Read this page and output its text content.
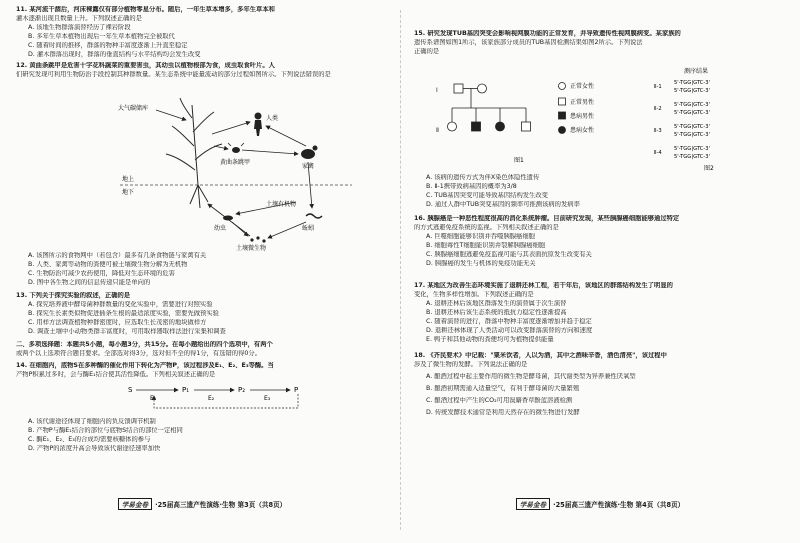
11. 某河流干涸后，河床裸露仅有部分植物零星分布。随后，一年生草本增多，多年生草本和
灌木逐渐出现且数量上升。下列叙述正确的是
A. 该地生物群落演替经历了裸岩阶段
B. 多年生草本植物出现后一年生草本植物完全被取代
C. 随着时间的推移，群落的物种丰富度逐渐上升直至稳定
D. 灌木群落出现时，群落的垂直结构与水平结构均会发生改变
12. 黄曲条跳甲是危害十字花科蔬菜的重要害虫，其幼虫以植物根部为食，成虫取食叶片。人
们研究发现可利用生物防治手段控制其种群数量。某生态系统中能量流动的部分过程如图所示。下列说法错误的是
地上
地下
大气碳储库
人类
黄曲条跳甲
家禽
土壤有机物
幼虫	蚯蚓
土壤微生物
A. 该图所示的食物网中（若包含）最多有几条食物链与家禽有关
B. 人类、家禽等动物的粪便可被土壤微生物分解为无机物
C. 生物防治可减少农药使用，降低对生态环境的危害
D. 图中各生物之间的信息传递只能是单向的
13. 下列关于探究实验的叙述，正确的是
A. 探究培养液中酵母菌种群数量的变化实验中，需要进行对照实验
B. 探究生长素类似物促进插条生根的最适浓度实验，需要先做预实验
C. 用样方法调查植物种群密度时，应选取生长茂密的地块做样方
D. 调查土壤中小动物类群丰富度时，可用取样器取样法进行采集和调查
二、多项选择题：本题共5小题，每小题3分，共15分。在每小题给出的四个选项中，有两个
或两个以上选项符合题目要求。全部选对得3分，选对但不全的得1分，有选错的得0分。
14. 在细胞内，底物S在多种酶的催化作用下转化为产物P，该过程涉及E₁、E₂、E₃等酶。当
产物P积累过多时，会与酶E₁结合使其活性降低。下列相关叙述正确的是
S
E₁
P₁
E₂
P₂
E₃
P
A. 该代谢途径体现了细胞内的负反馈调节机制
B. 产物P与酶E₁结合的部位与底物S结合的部位一定相同
C. 酶E₁、E₂、E₃的合成均需要核糖体的参与
D. 产物P的浓度升高会导致该代谢途径速率加快
学易金卷 ·25届高三遗产性演练·生物 第3页（共8页）
15. 研究发现TUB基因突变会影响视网膜功能的正常发育，并导致遗传性视网膜病变。某家族的
遗传系谱图如图1所示，该家族部分成员的TUB基因检测结果如图2所示。下列说法
正确的是
Ⅰ
Ⅱ
正常女性
正常男性
患病男性
患病女性
图1
测序结果
Ⅱ-1
5'-TGG|GTC-3'
5'-TGG|GTC-3'
Ⅱ-2
5'-TGG|GTC-3'
5'-TGG|GTC-3'
Ⅱ-3
5'-TGG|GTC-3'
5'-TGG|GTC-3'
Ⅱ-4
5'-TGG|GTC-3'
5'-TGG|GTC-3'
图2
A. 该病的遗传方式为伴X染色体隐性遗传
B. Ⅱ-1携带致病基因的概率为3/8
C. TUB基因突变可能导致基因结构发生改变
D. 通过人群中TUB突变基因的频率可推测该病的发病率
16. 胰腺癌是一种恶性程度很高的消化系统肿瘤。目前研究发现，某些胰腺癌细胞能够通过特定
的方式逃避免疫系统的监视。下列相关叙述正确的是
A. 巨噬细胞能够识别并吞噬胰腺癌细胞
B. 细胞毒性T细胞能识别并裂解胰腺癌细胞
C. 胰腺癌细胞逃避免疫监视可能与其表面抗原发生改变有关
D. 胰腺癌的发生与机体的免疫功能无关
17. 某地区为改善生态环境实施了退耕还林工程，若干年后，该地区的群落结构发生了明显的
变化，生物多样性增加。下列叙述正确的是
A. 退耕还林后该地区群落发生的演替属于次生演替
B. 退耕还林后该生态系统的抵抗力稳定性逐渐提高
C. 随着演替的进行，群落中物种丰富度逐渐增加并趋于稳定
D. 退耕还林体现了人类活动可以改变群落演替的方向和速度
E. 鸭子和其他动物的粪便均可为植物提供能量
18. 《齐民要术》中记载："粟米饮者，人以为酒，其中之酒味辛香，酒色清亮"，该过程中
涉及了微生物的发酵。下列说法正确的是
A. 酿酒过程中起主要作用的微生物是酵母菌，其代谢类型为异养兼性厌氧型
B. 酿酒初期需通入适量空气，有利于酵母菌的大量繁殖
C. 酿酒过程中产生的CO₂可用溴麝香草酚蓝溶液检测
D. 传统发酵技术通常是利用天然存在的微生物进行发酵
学易金卷 ·25届高三遗产性演练·生物 第4页（共8页）
